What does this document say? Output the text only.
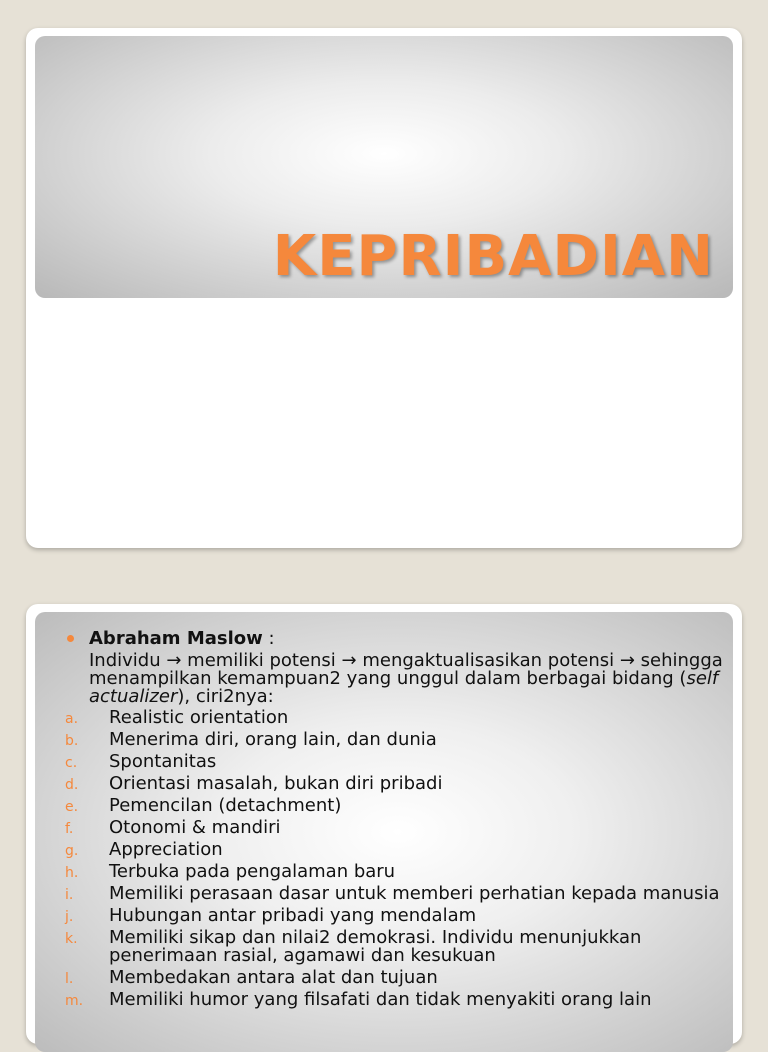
KEPRIBADIAN
Abraham Maslow :
Individu → memiliki potensi → mengaktualisasikan potensi → sehingga menampilkan kemampuan2 yang unggul dalam berbagai bidang (self actualizer), ciri2nya:
a. Realistic orientation
b. Menerima diri, orang lain, dan dunia
c. Spontanitas
d. Orientasi masalah, bukan diri pribadi
e. Pemencilan (detachment)
f. Otonomi & mandiri
g. Appreciation
h. Terbuka pada pengalaman baru
i. Memiliki perasaan dasar untuk memberi perhatian kepada manusia
j. Hubungan antar pribadi yang mendalam
k. Memiliki sikap dan nilai2 demokrasi. Individu menunjukkan penerimaan rasial, agamawi dan kesukuan
l. Membedakan antara alat dan tujuan
m. Memiliki humor yang filsafati dan tidak menyakiti orang lain
